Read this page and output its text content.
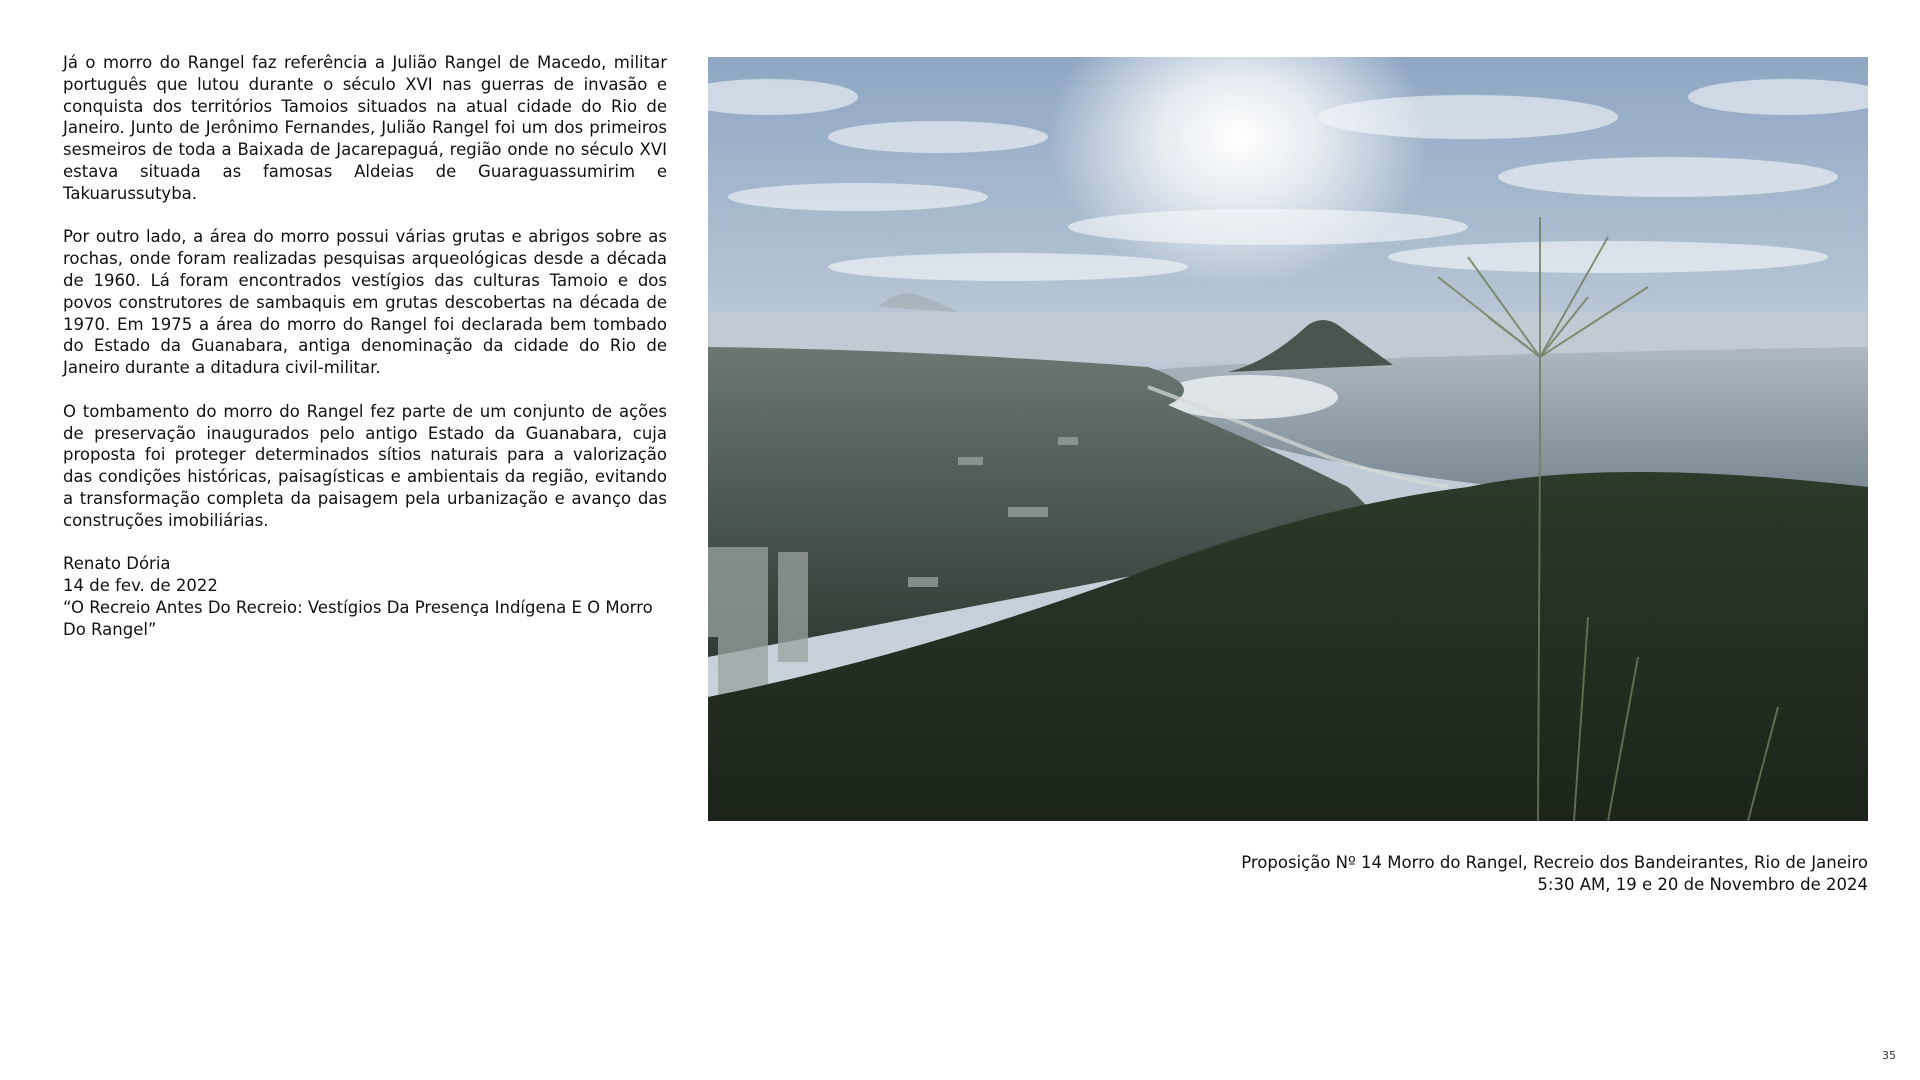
Já o morro do Rangel faz referência a Julião Rangel de Macedo, militar português que lutou durante o século XVI nas guerras de invasão e conquista dos territórios Tamoios situados na atual cidade do Rio de Janeiro. Junto de Jerônimo Fernandes, Julião Rangel foi um dos primeiros sesmeiros de toda a Baixada de Jacarepaguá, região onde no século XVI estava situada as famosas Aldeias de Guaraguassumirim e Takuarussutyba.

Por outro lado, a área do morro possui várias grutas e abrigos sobre as rochas, onde foram realizadas pesquisas arqueológicas desde a década de 1960. Lá foram encontrados vestígios das culturas Tamoio e dos povos construtores de sambaquis em grutas descobertas na década de 1970. Em 1975 a área do morro do Rangel foi declarada bem tombado do Estado da Guanabara, antiga denominação da cidade do Rio de Janeiro durante a ditadura civil-militar.

O tombamento do morro do Rangel fez parte de um conjunto de ações de preservação inaugurados pelo antigo Estado da Guanabara, cuja proposta foi proteger determinados sítios naturais para a valorização das condições históricas, paisagísticas e ambientais da região, evitando a transformação completa da paisagem pela urbanização e avanço das construções imobiliárias.

Renato Dória
14 de fev. de 2022
“O Recreio Antes Do Recreio: Vestígios Da Presença Indígena E O Morro Do Rangel”
Proposição Nº 14 Morro do Rangel, Recreio dos Bandeirantes, Rio de Janeiro
5:30 AM, 19 e 20 de Novembro de 2024
35
